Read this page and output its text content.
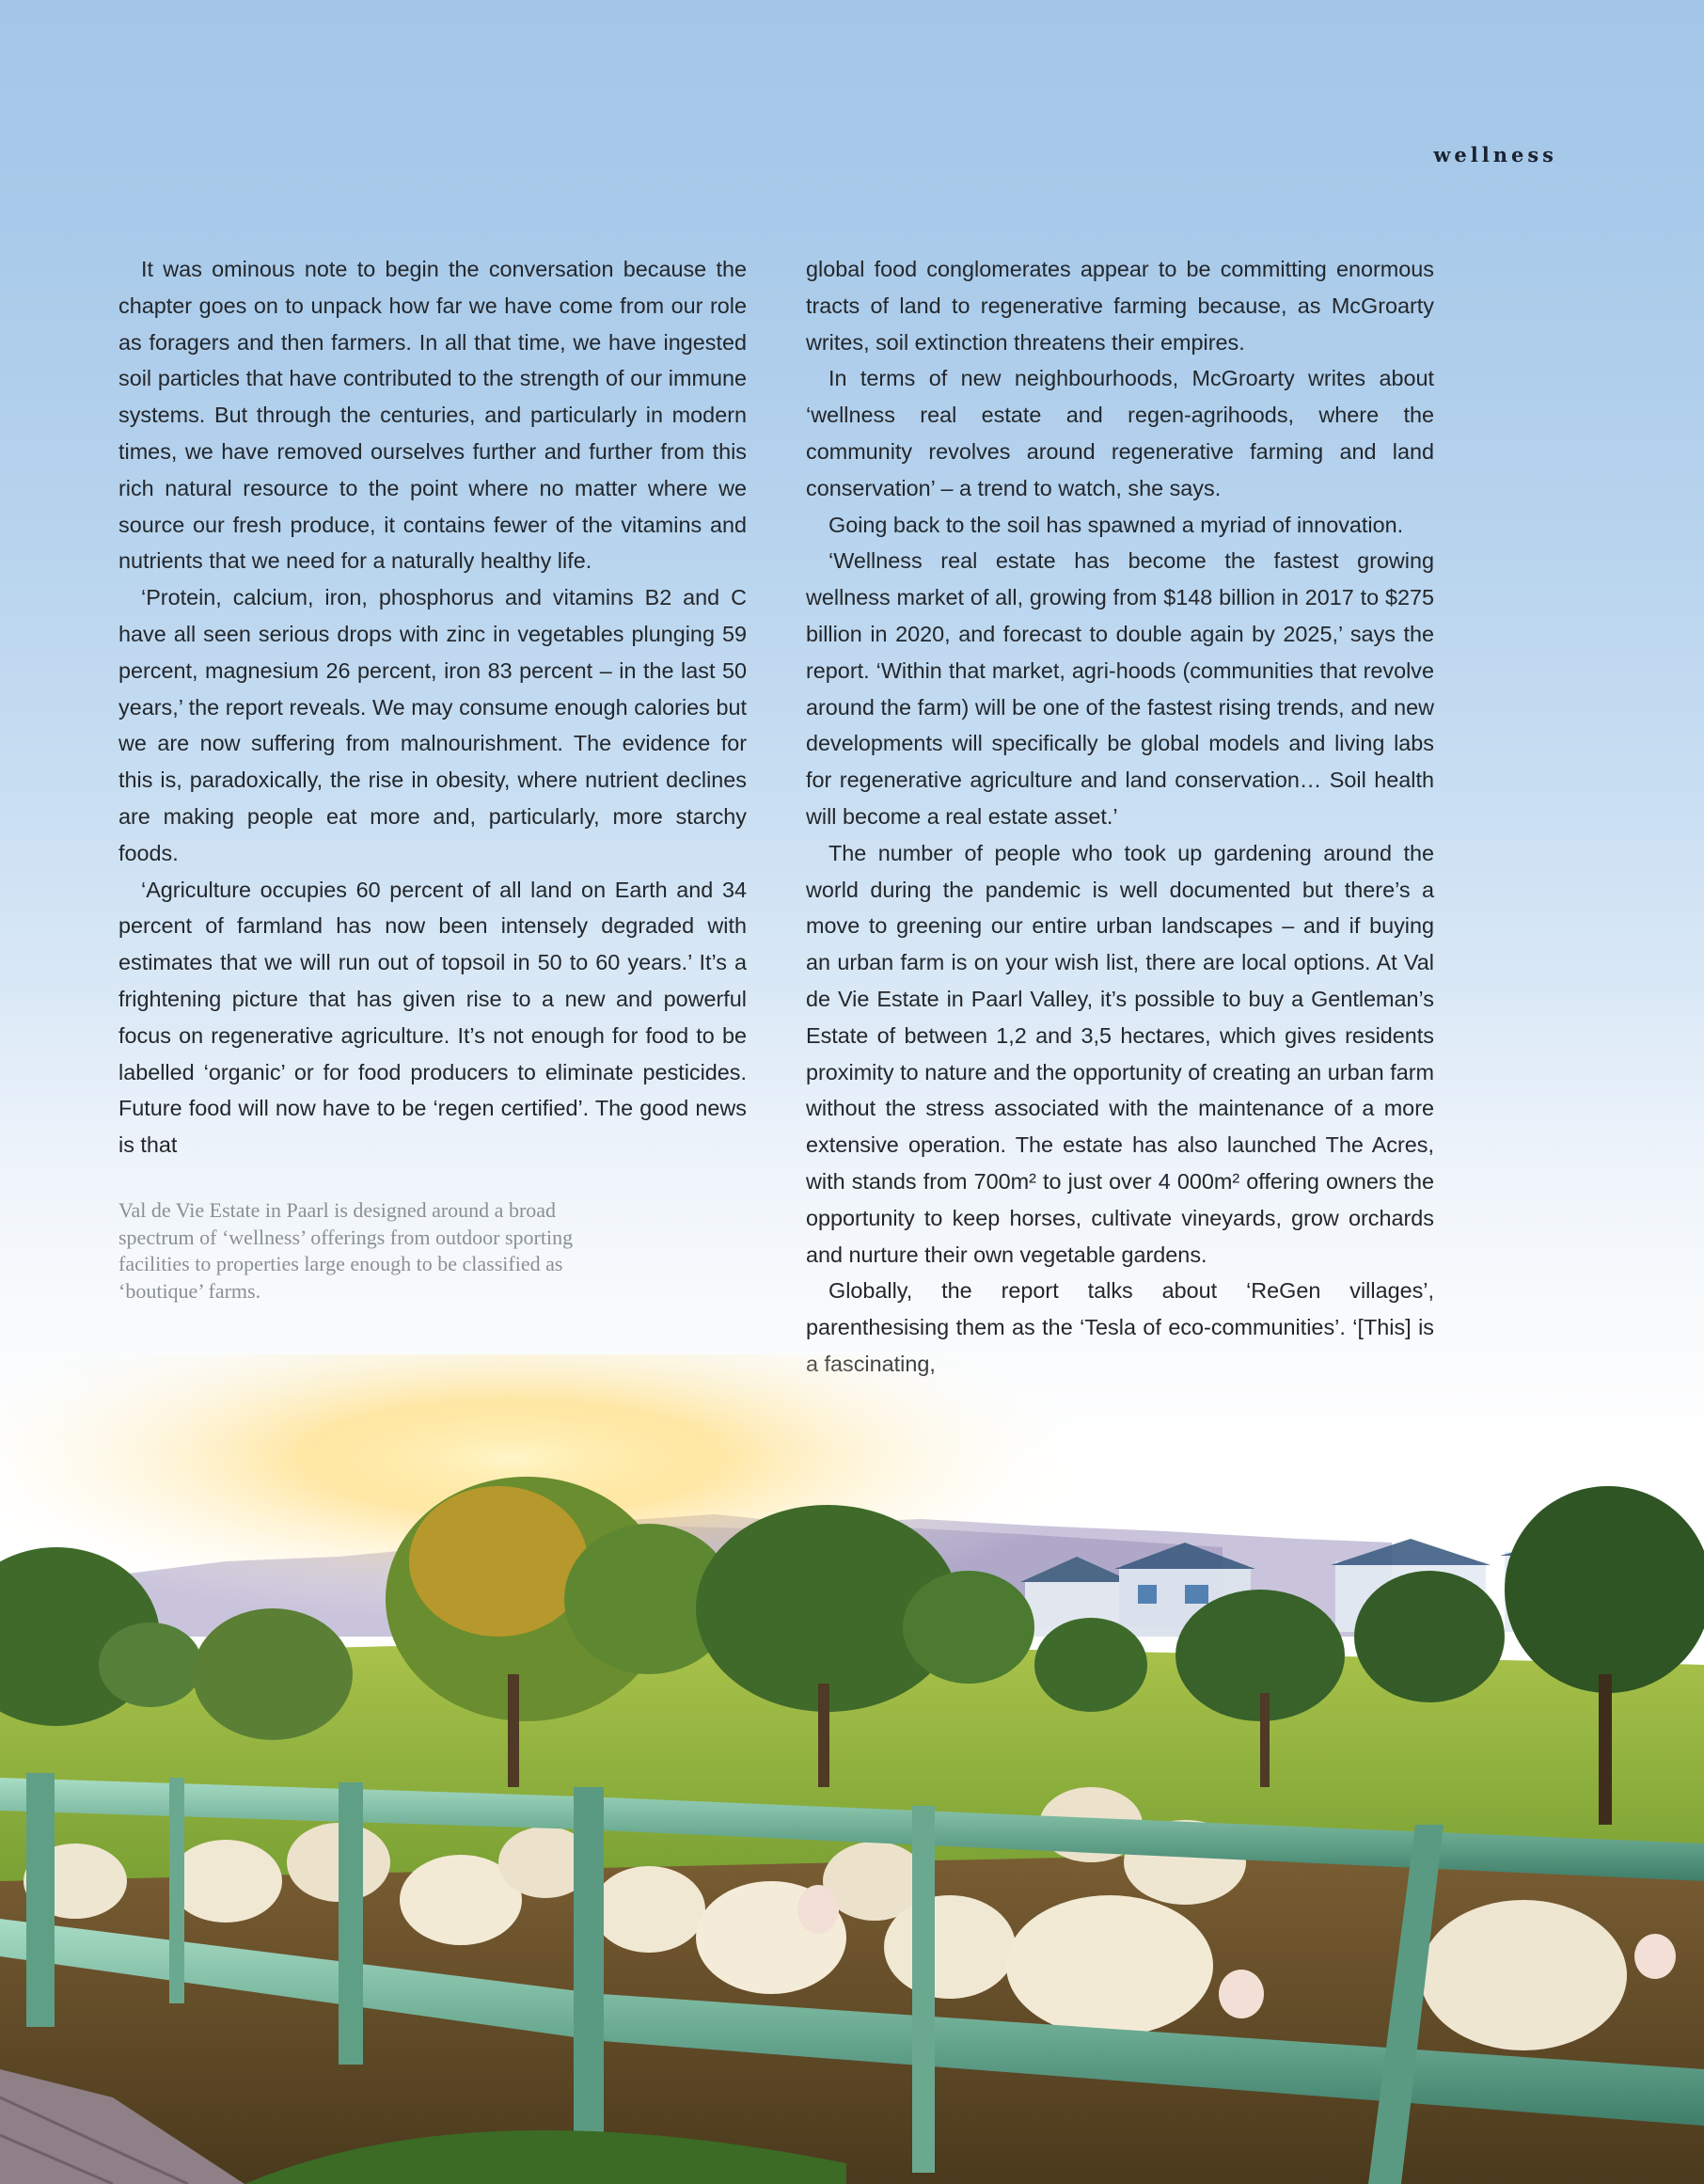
wellness

It was ominous note to begin the conversation because the chapter goes on to unpack how far we have come from our role as foragers and then farmers. In all that time, we have ingested soil particles that have contributed to the strength of our immune systems. But through the centuries, and particularly in modern times, we have removed ourselves further and further from this rich natural resource to the point where no matter where we source our fresh produce, it contains fewer of the vitamins and nutrients that we need for a naturally healthy life.

‘Protein, calcium, iron, phosphorus and vitamins B2 and C have all seen serious drops with zinc in vegetables plunging 59 percent, magnesium 26 percent, iron 83 percent – in the last 50 years,’ the report reveals. We may consume enough calories but we are now suffering from malnourishment. The evidence for this is, paradoxically, the rise in obesity, where nutrient declines are making people eat more and, particularly, more starchy foods.

‘Agriculture occupies 60 percent of all land on Earth and 34 percent of farmland has now been intensely degraded with estimates that we will run out of topsoil in 50 to 60 years.’ It’s a frightening picture that has given rise to a new and powerful focus on regenerative agriculture. It’s not enough for food to be labelled ‘organic’ or for food producers to eliminate pesticides. Future food will now have to be ‘regen certified’. The good news is that

global food conglomerates appear to be committing enormous tracts of land to regenerative farming because, as McGroarty writes, soil extinction threatens their empires.

In terms of new neighbourhoods, McGroarty writes about ‘wellness real estate and regen-agrihoods, where the community revolves around regenerative farming and land conservation’ – a trend to watch, she says.

Going back to the soil has spawned a myriad of innovation.

‘Wellness real estate has become the fastest growing wellness market of all, growing from $148 billion in 2017 to $275 billion in 2020, and forecast to double again by 2025,’ says the report. ‘Within that market, agri-hoods (communities that revolve around the farm) will be one of the fastest rising trends, and new developments will specifically be global models and living labs for regenerative agriculture and land conservation… Soil health will become a real estate asset.’

The number of people who took up gardening around the world during the pandemic is well documented but there’s a move to greening our entire urban landscapes – and if buying an urban farm is on your wish list, there are local options. At Val de Vie Estate in Paarl Valley, it’s possible to buy a Gentleman’s Estate of between 1,2 and 3,5 hectares, which gives residents proximity to nature and the opportunity of creating an urban farm without the stress associated with the maintenance of a more extensive operation. The estate has also launched The Acres, with stands from 700m² to just over 4 000m² offering owners the opportunity to keep horses, cultivate vineyards, grow orchards and nurture their own vegetable gardens.

Globally, the report talks about ‘ReGen villages’, parenthesising them as the ‘Tesla of eco-communities’. ‘[This] is

Val de Vie Estate in Paarl is designed around a broad spectrum of ‘wellness’ offerings from outdoor sporting facilities to properties large enough to be classified as ‘boutique’ farms.
